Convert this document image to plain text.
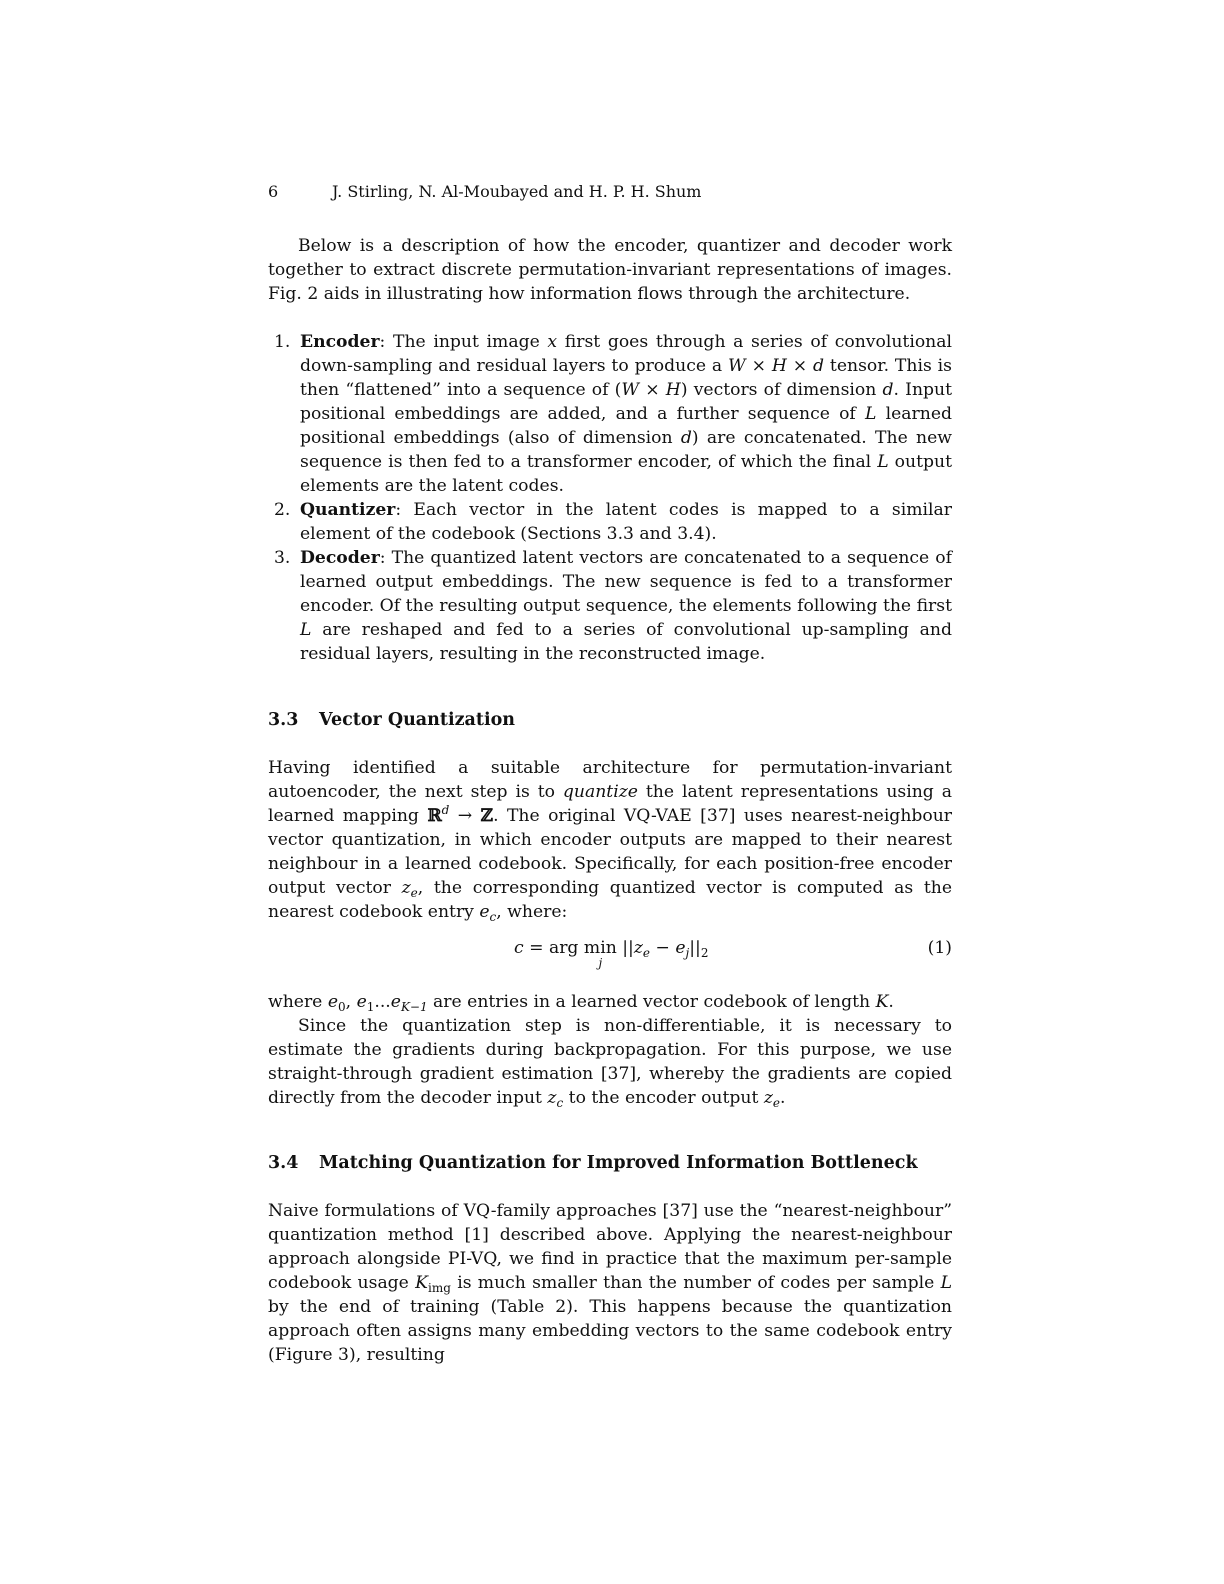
6	J. Stirling, N. Al-Moubayed and H. P. H. Shum

Below is a description of how the encoder, quantizer and decoder work together to extract discrete permutation-invariant representations of images. Fig. 2 aids in illustrating how information flows through the architecture.

1. Encoder: The input image x first goes through a series of convolutional down-sampling and residual layers to produce a W × H × d tensor. This is then “flattened” into a sequence of (W × H) vectors of dimension d. Input positional embeddings are added, and a further sequence of L learned positional embeddings (also of dimension d) are concatenated. The new sequence is then fed to a transformer encoder, of which the final L output elements are the latent codes.
2. Quantizer: Each vector in the latent codes is mapped to a similar element of the codebook (Sections 3.3 and 3.4).
3. Decoder: The quantized latent vectors are concatenated to a sequence of learned output embeddings. The new sequence is fed to a transformer encoder. Of the resulting output sequence, the elements following the first L are reshaped and fed to a series of convolutional up-sampling and residual layers, resulting in the reconstructed image.
3.3 Vector Quantization

Having identified a suitable architecture for permutation-invariant autoencoder, the next step is to quantize the latent representations using a learned mapping ℝ$^d$ → ℤ. The original VQ-VAE [37] uses nearest-neighbour vector quantization, in which encoder outputs are mapped to their nearest neighbour in a learned codebook. Specifically, for each position-free encoder output vector $z_e$, the corresponding quantized vector is computed as the nearest codebook entry $e_c$, where:

c = arg min
j
$||z_e - e_j||_2$	(1)

where $e_0$, $e_1...e_{K-1}$ are entries in a learned vector codebook of length K.

Since the quantization step is non-differentiable, it is necessary to estimate the gradients during backpropagation. For this purpose, we use straight-through gradient estimation [37], whereby the gradients are copied directly from the decoder input $z_c$ to the encoder output $z_e$.

3.4 Matching Quantization for Improved Information Bottleneck

Naive formulations of VQ-family approaches [37] use the “nearest-neighbour” quantization method [1] described above. Applying the nearest-neighbour approach alongside PI-VQ, we find in practice that the maximum per-sample codebook usage $K_{img}$ is much smaller than the number of codes per sample L by the end of training (Table 2). This happens because the quantization approach often assigns many embedding vectors to the same codebook entry (Figure 3), resulting
